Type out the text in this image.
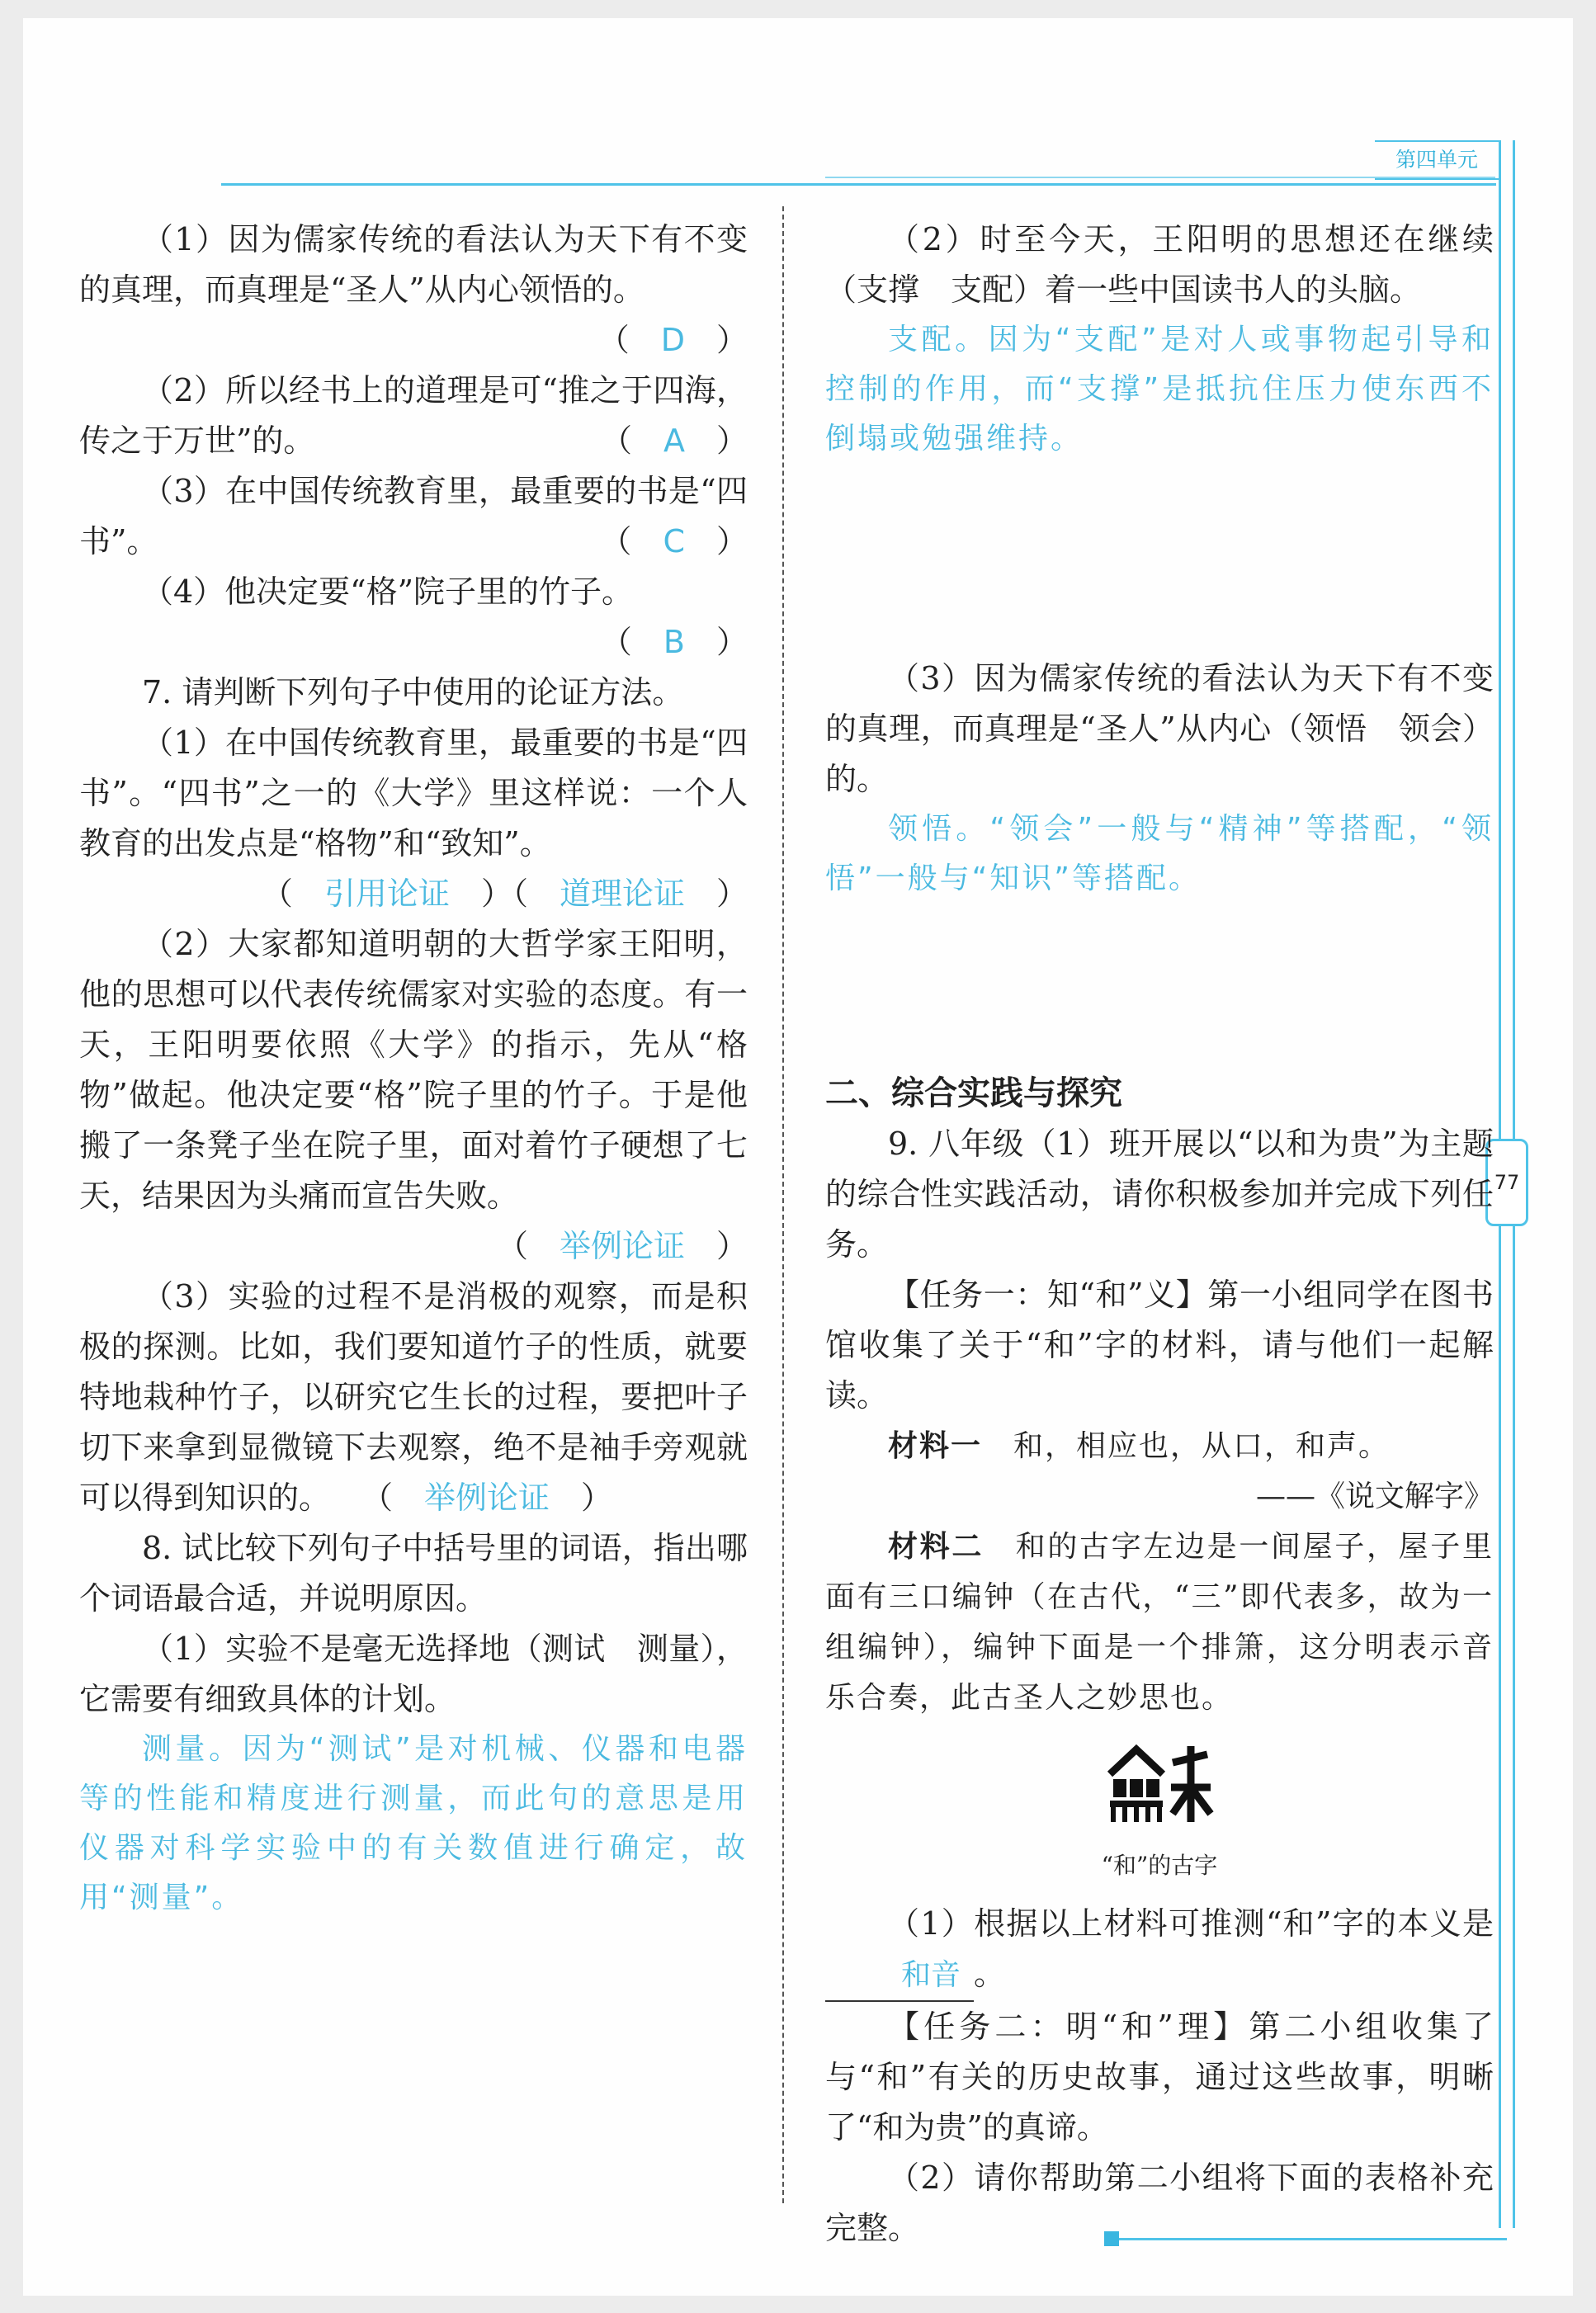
第四单元
77

（1）因为儒家传统的看法认为天下有不变的真理，而真理是“圣人”从内心领悟的。

（ D ）

（2）所以经书上的道理是可“推之于四海，传之于万世”的。	（ A ）

（3）在中国传统教育里，最重要的书是“四书”。	（ C ）

（4）他决定要“格”院子里的竹子。

（ B ）

7. 请判断下列句子中使用的论证方法。

（1）在中国传统教育里，最重要的书是“四书”。“四书”之一的《大学》里这样说：一个人教育的出发点是“格物”和“致知”。

（ 引用论证 ）（ 道理论证 ）

（2）大家都知道明朝的大哲学家王阳明，他的思想可以代表传统儒家对实验的态度。有一天，王阳明要依照《大学》的指示，先从“格物”做起。他决定要“格”院子里的竹子。于是他搬了一条凳子坐在院子里，面对着竹子硬想了七天，结果因为头痛而宣告失败。

（ 举例论证 ）

（3）实验的过程不是消极的观察，而是积极的探测。比如，我们要知道竹子的性质，就要特地栽种竹子，以研究它生长的过程，要把叶子切下来拿到显微镜下去观察，绝不是袖手旁观就可以得到知识的。 （ 举例论证 ）

8. 试比较下列句子中括号里的词语，指出哪个词语最合适，并说明原因。

（1）实验不是毫无选择地（测试　测量），它需要有细致具体的计划。

测量。因为“测试”是对机械、仪器和电器等的性能和精度进行测量，而此句的意思是用仪器对科学实验中的有关数值进行确定，故用“测量”。

（2）时至今天，王阳明的思想还在继续（支撑　支配）着一些中国读书人的头脑。

支配。因为“支配”是对人或事物起引导和控制的作用，而“支撑”是抵抗住压力使东西不倒塌或勉强维持。

（3）因为儒家传统的看法认为天下有不变的真理，而真理是“圣人”从内心（领悟　领会）的。

领悟。“领会”一般与“精神”等搭配，“领悟”一般与“知识”等搭配。

二、综合实践与探究

9. 八年级（1）班开展以“以和为贵”为主题的综合性实践活动，请你积极参加并完成下列任务。

【任务一：知“和”义】第一小组同学在图书馆收集了关于“和”字的材料，请与他们一起解读。

材料一  和，相应也，从口，和声。

——《说文解字》

材料二  和的古字左边是一间屋子，屋子里面有三口编钟（在古代，“三”即代表多，故为一组编钟），编钟下面是一个排箫，这分明表示音乐合奏，此古圣人之妙思也。

“和”的古字

（1）根据以上材料可推测“和”字的本义是和音 。

【任务二：明“和”理】第二小组收集了与“和”有关的历史故事，通过这些故事，明晰了“和为贵”的真谛。

（2）请你帮助第二小组将下面的表格补充完整。
